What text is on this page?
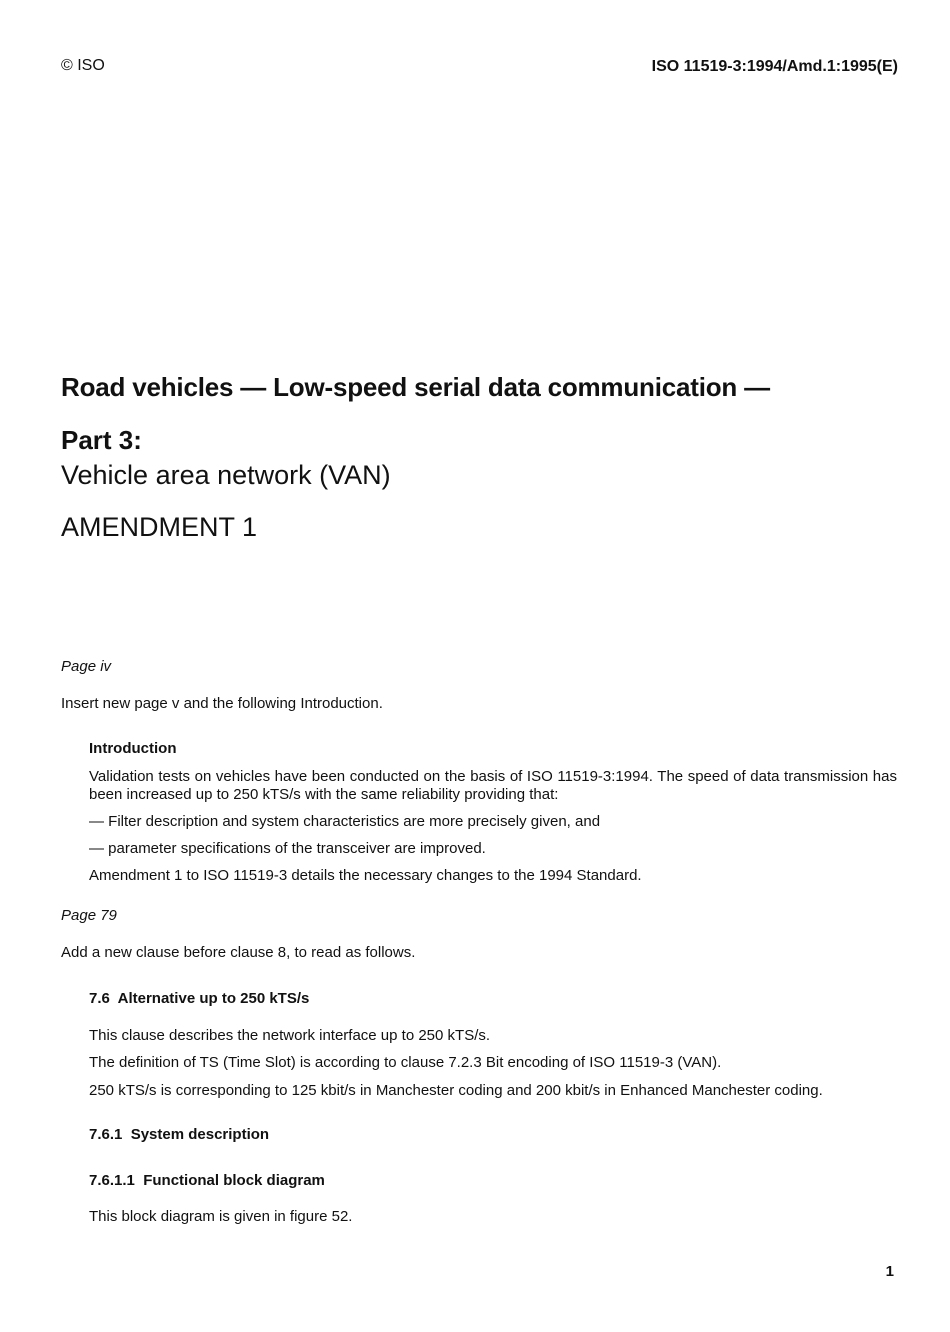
© ISO	ISO 11519-3:1994/Amd.1:1995(E)
Road vehicles — Low-speed serial data communication —
Part 3:
Vehicle area network (VAN)
AMENDMENT 1
Page iv
Insert new page v and the following Introduction.
Introduction
Validation tests on vehicles have been conducted on the basis of ISO 11519-3:1994. The speed of data transmission has been increased up to 250 kTS/s with the same reliability providing that:
— Filter description and system characteristics are more precisely given, and
— parameter specifications of the transceiver are improved.
Amendment 1 to ISO 11519-3 details the necessary changes to the 1994 Standard.
Page 79
Add a new clause before clause 8, to read as follows.
7.6  Alternative up to 250 kTS/s
This clause describes the network interface up to 250 kTS/s.
The definition of TS (Time Slot) is according to clause 7.2.3 Bit encoding of ISO 11519-3 (VAN).
250 kTS/s is corresponding to 125 kbit/s in Manchester coding and 200 kbit/s in Enhanced Manchester coding.
7.6.1  System description
7.6.1.1  Functional block diagram
This block diagram is given in figure 52.
1
